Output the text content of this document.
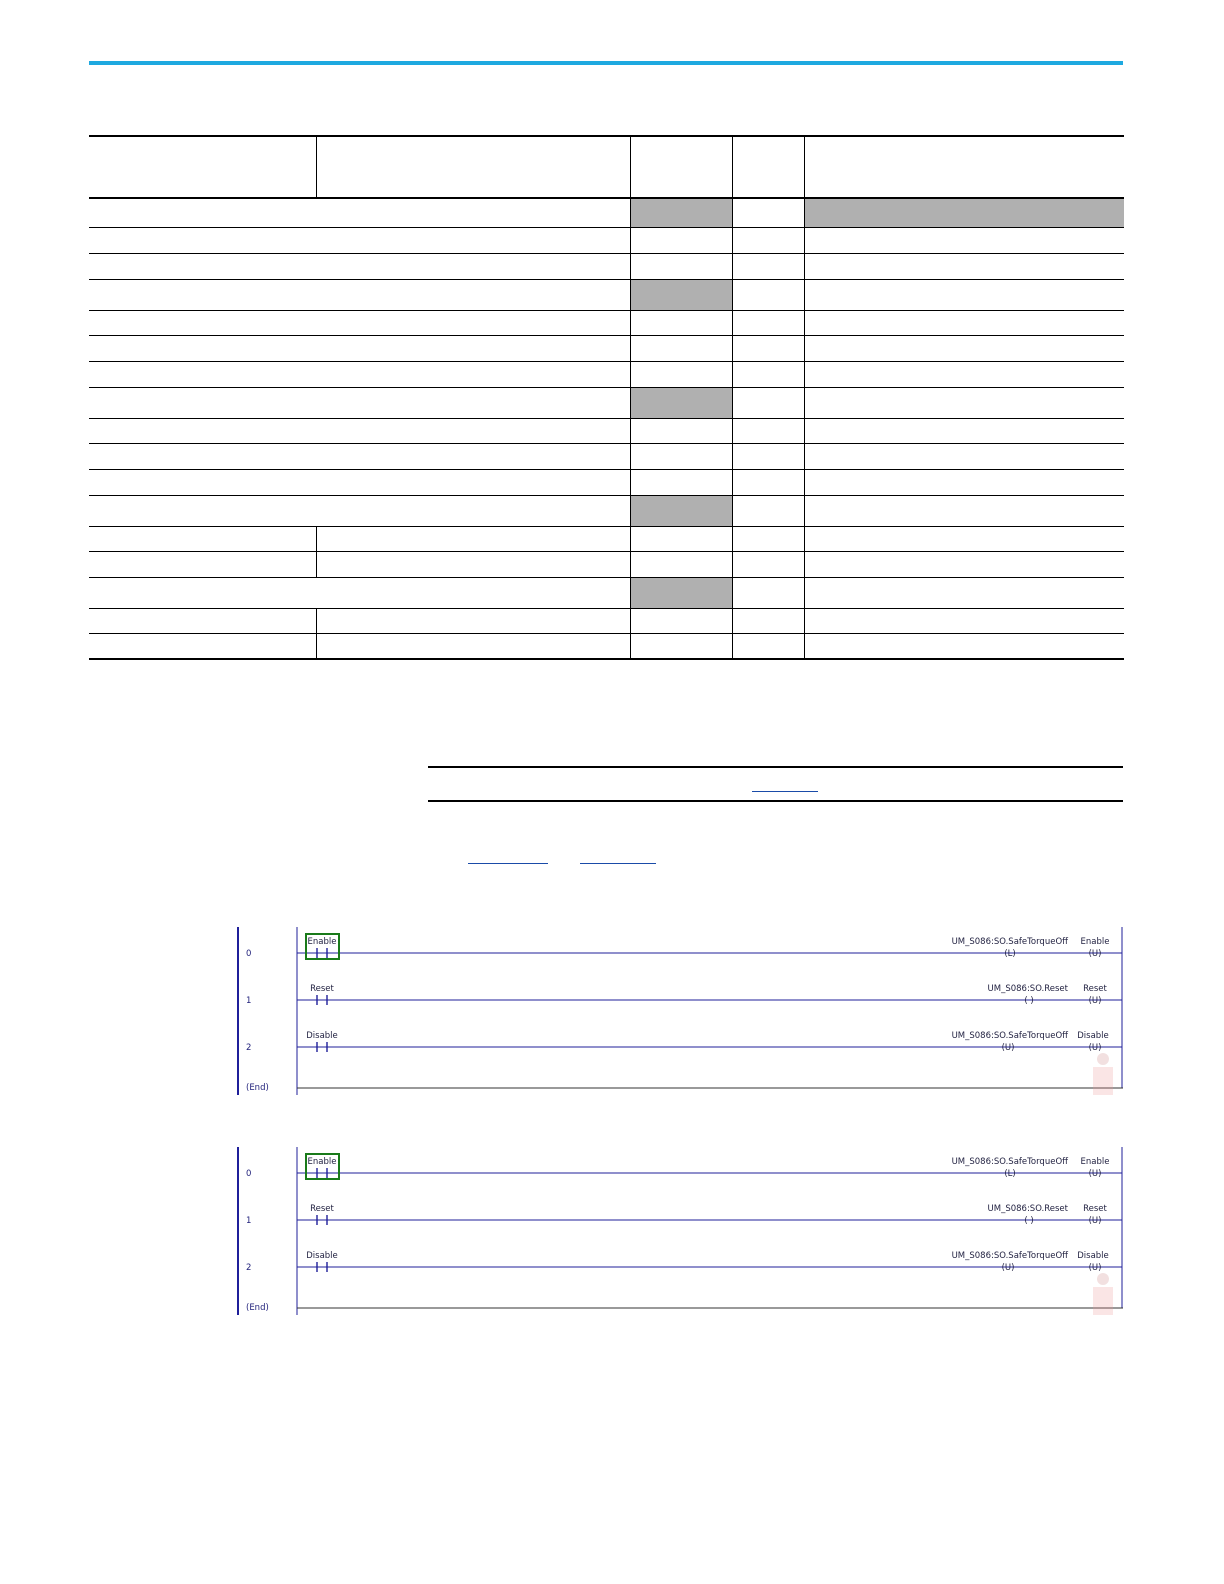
0
Enable	UM_S086:SO.SafeTorqueOff
(L)
Enable
(U)
1
Reset	UM_S086:SO.Reset
( )
Reset
(U)
2
Disable	UM_S086:SO.SafeTorqueOff
(U)
Disable
(U)
(End)
0
Enable	UM_S086:SO.SafeTorqueOff
(L)
Enable
(U)
1
Reset	UM_S086:SO.Reset
( )
Reset
(U)
2
Disable	UM_S086:SO.SafeTorqueOff
(U)
Disable
(U)
(End)
